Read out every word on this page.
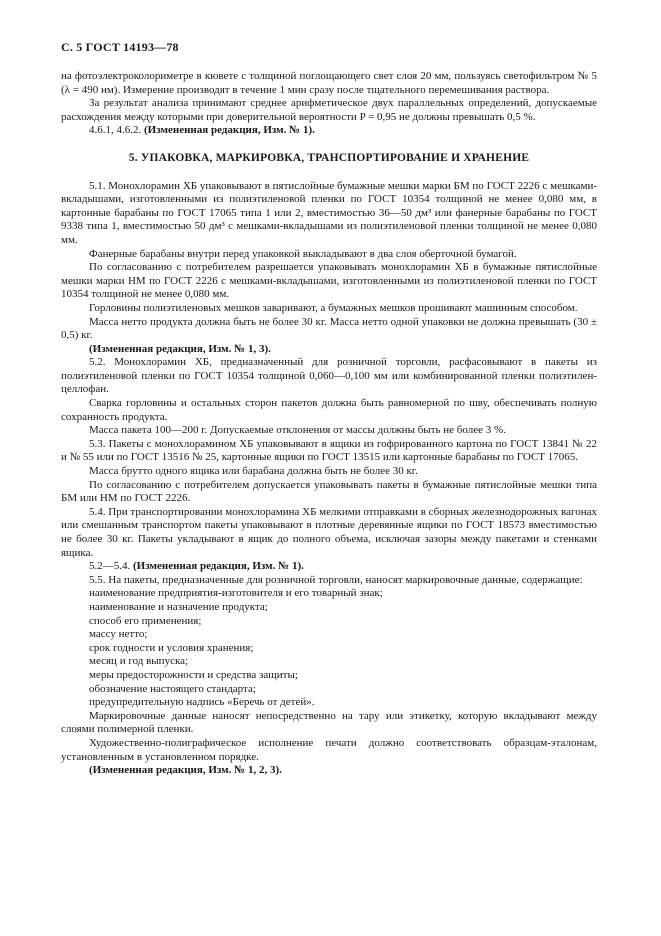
С. 5 ГОСТ 14193—78

на фотоэлектроколориметре в кювете с толщиной поглощающего свет слоя 20 мм, пользуясь светофильтром № 5 (λ = 490 нм). Измерение производят в течение 1 мин сразу после тщательного перемешивания раствора.

За результат анализа принимают среднее арифметическое двух параллельных определений, допускаемые расхождения между которыми при доверительной вероятности P = 0,95 не должны превышать 0,5 %.

4.6.1, 4.6.2. (Измененная редакция, Изм. № 1).

5. УПАКОВКА, МАРКИРОВКА, ТРАНСПОРТИРОВАНИЕ И ХРАНЕНИЕ

5.1. Монохлорамин ХБ упаковывают в пятислойные бумажные мешки марки БМ по ГОСТ 2226 с мешками-вкладышами, изготовленными из полиэтиленовой пленки по ГОСТ 10354 толщиной не менее 0,080 мм, в картонные барабаны по ГОСТ 17065 типа 1 или 2, вместимостью 36—50 дм³ или фанерные барабаны по ГОСТ 9338 типа 1, вместимостью 50 дм³ с мешками-вкладышами из полиэтиленовой пленки толщиной не менее 0,080 мм.

Фанерные барабаны внутри перед упаковкой выкладывают в два слоя оберточной бумагой.

По согласованию с потребителем разрешается упаковывать монохлорамин ХБ в бумажные пятислойные мешки марки НМ по ГОСТ 2226 с мешками-вкладышами, изготовленными из полиэтиленовой пленки по ГОСТ 10354 толщиной не менее 0,080 мм.

Горловины полиэтиленовых мешков заваривают, а бумажных мешков прошивают машинным способом.

Масса нетто продукта должна быть не более 30 кг. Масса нетто одной упаковки не должна превышать (30 ± 0,5) кг.

(Измененная редакция, Изм. № 1, 3).

5.2. Монохлорамин ХБ, предназначенный для розничной торговли, расфасовывают в пакеты из полиэтиленовой пленки по ГОСТ 10354 толщиной 0,060—0,100 мм или комбинированной пленки полиэтилен-целлофан.

Сварка горловины и остальных сторон пакетов должна быть равномерной по шву, обеспечивать полную сохранность продукта.

Масса пакета 100—200 г. Допускаемые отклонения от массы должны быть не более 3 %.

5.3. Пакеты с монохлорамином ХБ упаковывают в ящики из гофрированного картона по ГОСТ 13841 № 22 и № 55 или по ГОСТ 13516 № 25, картонные ящики по ГОСТ 13515 или картонные барабаны по ГОСТ 17065.

Масса брутто одного ящика или барабана должна быть не более 30 кг.

По согласованию с потребителем допускается упаковывать пакеты в бумажные пятислойные мешки типа БМ или НМ по ГОСТ 2226.

5.4. При транспортировании монохлорамина ХБ мелкими отправками в сборных железнодорожных вагонах или смешанным транспортом пакеты упаковывают в плотные деревянные ящики по ГОСТ 18573 вместимостью не более 30 кг. Пакеты укладывают в ящик до полного объема, исключая зазоры между пакетами и стенками ящика.

5.2—5.4. (Измененная редакция, Изм. № 1).

5.5. На пакеты, предназначенные для розничной торговли, наносят маркировочные данные, содержащие:

наименование предприятия-изготовителя и его товарный знак;

наименование и назначение продукта;

способ его применения;

массу нетто;

срок годности и условия хранения;

месяц и год выпуска;

меры предосторожности и средства защиты;

обозначение настоящего стандарта;

предупредительную надпись «Беречь от детей».

Маркировочные данные наносят непосредственно на тару или этикетку, которую вкладывают между слоями полимерной пленки.

Художественно-полиграфическое исполнение печати должно соответствовать образцам-эталонам, установленным в установленном порядке.

(Измененная редакция, Изм. № 1, 2, 3).
